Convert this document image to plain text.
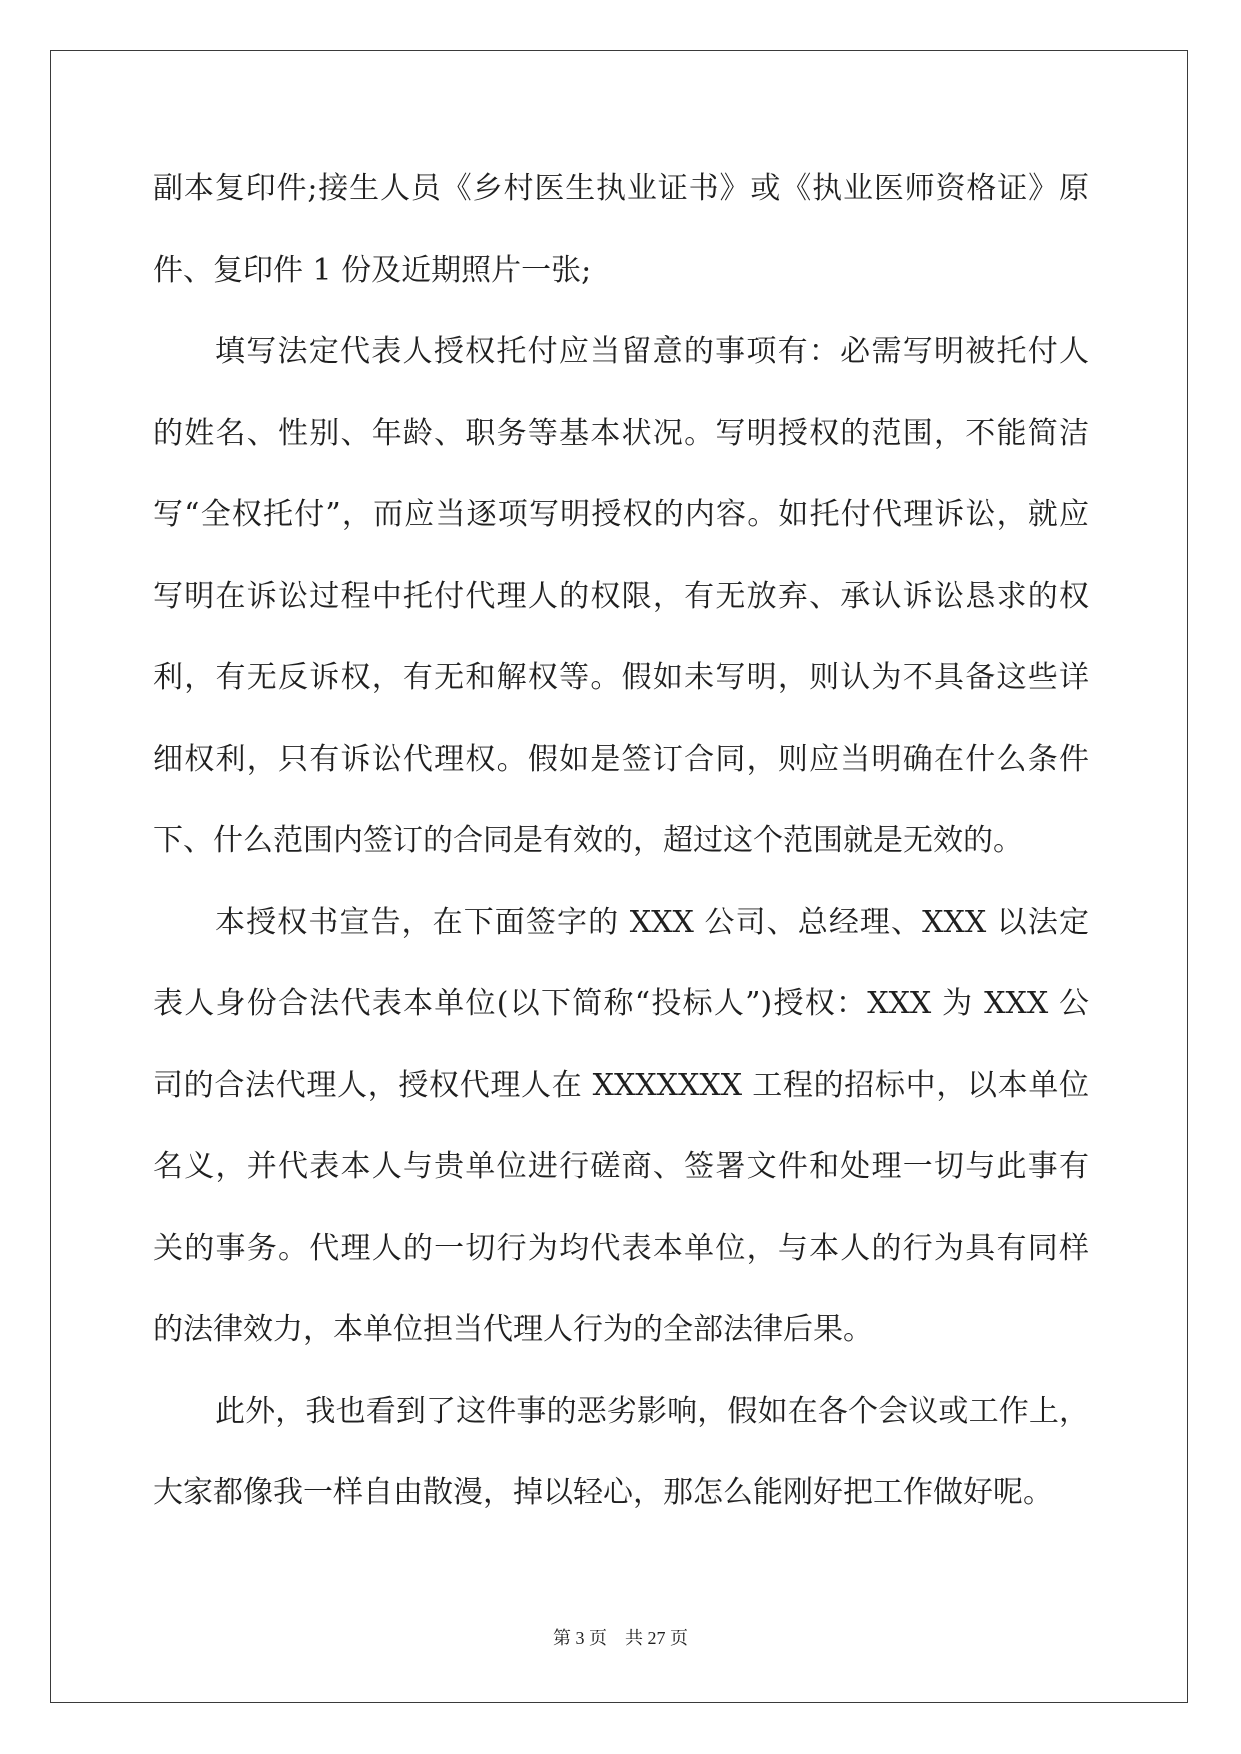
副本复印件;接生人员《乡村医生执业证书》或《执业医师资格证》原
件、复印件 1 份及近期照片一张;
填写法定代表人授权托付应当留意的事项有：必需写明被托付人
的姓名、性别、年龄、职务等基本状况。写明授权的范围，不能简洁
写“全权托付”，而应当逐项写明授权的内容。如托付代理诉讼，就应
写明在诉讼过程中托付代理人的权限，有无放弃、承认诉讼恳求的权
利，有无反诉权，有无和解权等。假如未写明，则认为不具备这些详
细权利，只有诉讼代理权。假如是签订合同，则应当明确在什么条件
下、什么范围内签订的合同是有效的，超过这个范围就是无效的。
本授权书宣告，在下面签字的 XXX 公司、总经理、XXX 以法定
表人身份合法代表本单位(以下简称“投标人”)授权：XXX 为 XXX 公
司的合法代理人，授权代理人在 XXXXXXX 工程的招标中，以本单位
名义，并代表本人与贵单位进行磋商、签署文件和处理一切与此事有
关的事务。代理人的一切行为均代表本单位，与本人的行为具有同样
的法律效力，本单位担当代理人行为的全部法律后果。
此外，我也看到了这件事的恶劣影响，假如在各个会议或工作上，
大家都像我一样自由散漫，掉以轻心，那怎么能刚好把工作做好呢。
第 3 页 共 27 页
